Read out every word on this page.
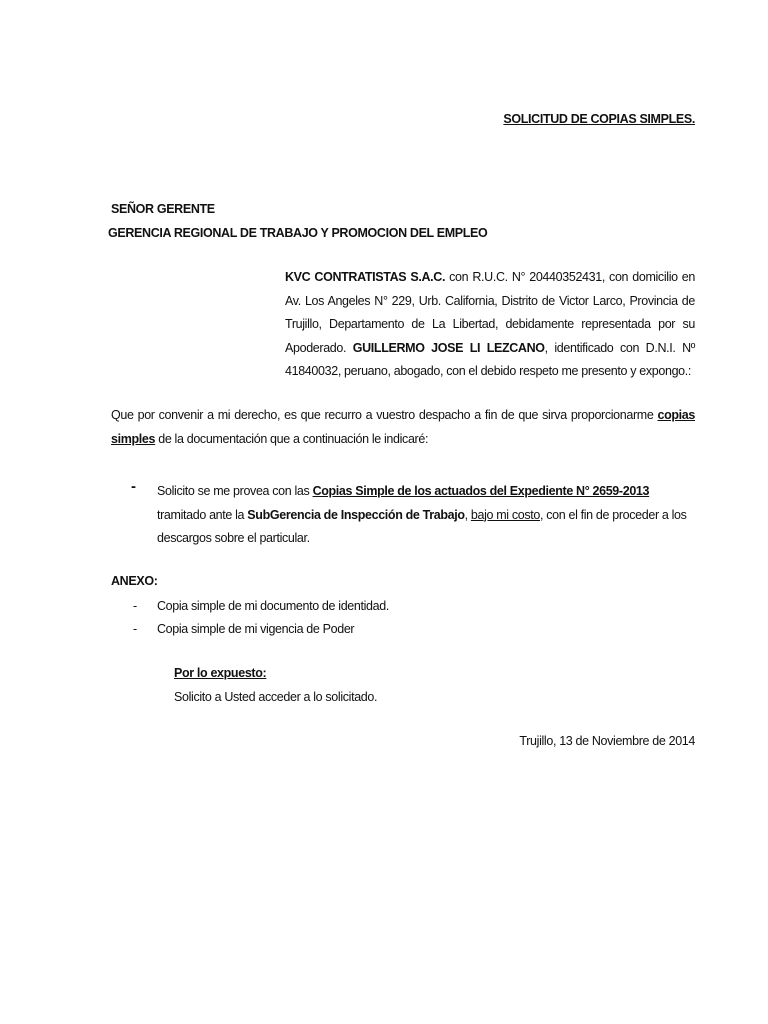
SOLICITUD DE COPIAS SIMPLES.
SEÑOR GERENTE
GERENCIA REGIONAL DE TRABAJO Y PROMOCION DEL EMPLEO

KVC CONTRATISTAS S.A.C. con R.U.C. N° 20440352431, con domicilio en Av. Los Angeles N° 229, Urb. California, Distrito de Victor Larco, Provincia de Trujillo, Departamento de La Libertad, debidamente representada por su Apoderado. GUILLERMO JOSE LI LEZCANO, identificado con D.N.I. Nº 41840032, peruano, abogado, con el debido respeto me presento y expongo.:

Que por convenir a mi derecho, es que recurro a vuestro despacho a fin de que sirva proporcionarme copias simples de la documentación que a continuación le indicaré:
- Solicito se me provea con las Copias Simple de los actuados del Expediente N° 2659-2013 tramitado ante la SubGerencia de Inspección de Trabajo, bajo mi costo, con el fin de proceder a los descargos sobre el particular.
ANEXO:
- Copia simple de mi documento de identidad.
- Copia simple de mi vigencia de Poder
Por lo expuesto:
Solicito a Usted acceder a lo solicitado.
Trujillo, 13 de Noviembre de 2014
